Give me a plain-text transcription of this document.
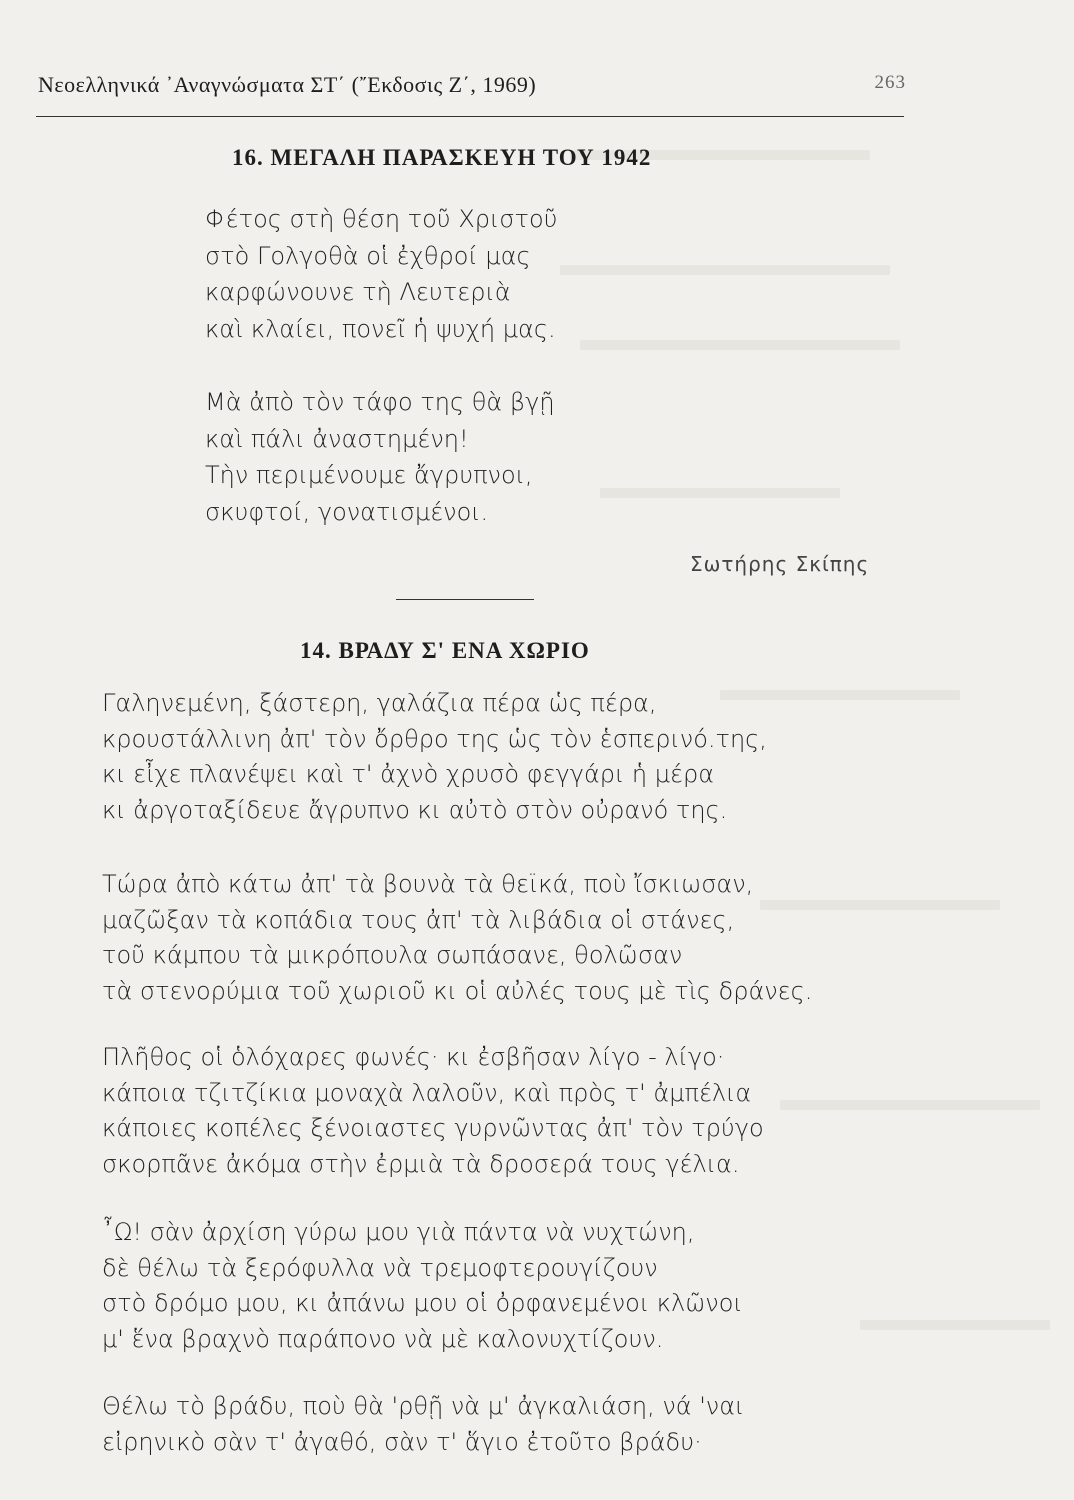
Νεοελληνικά ᾿Αναγνώσματα ΣΤ΄ (῎Εκδοσις Ζ΄, 1969)	263
16. ΜΕΓΑΛΗ ΠΑΡΑΣΚΕΥΗ ΤΟΥ 1942
Φέτος στὴ θέση τοῦ Χριστοῦ
στὸ Γολγοθὰ οἱ ἐχθροί μας
καρφώνουνε τὴ Λευτεριὰ
καὶ κλαίει, πονεῖ ἡ ψυχή μας.
Μὰ ἀπὸ τὸν τάφο της θὰ βγῇ
καὶ πάλι ἀναστημένη!
Τὴν περιμένουμε ἄγρυπνοι,
σκυφτοί, γονατισμένοι.
Σωτήρης Σκίπης
14. ΒΡΑΔΥ Σ' ΕΝΑ ΧΩΡΙΟ
Γαληνεμένη, ξάστερη, γαλάζια πέρα ὡς πέρα,
κρουστάλλινη ἀπ' τὸν ὄρθρο της ὡς τὸν ἑσπερινό.της,
κι εἶχε πλανέψει καὶ τ' ἀχνὸ χρυσὸ φεγγάρι ἡ μέρα
κι ἀργοταξίδευε ἄγρυπνο κι αὐτὸ στὸν οὐρανό της.
Τώρα ἀπὸ κάτω ἀπ' τὰ βουνὰ τὰ θεϊκά, ποὺ ἴσκιωσαν,
μαζῶξαν τὰ κοπάδια τους ἀπ' τὰ λιβάδια οἱ στάνες,
τοῦ κάμπου τὰ μικρόπουλα σωπάσανε, θολῶσαν
τὰ στενορύμια τοῦ χωριοῦ κι οἱ αὐλές τους μὲ τὶς δράνες.
Πλῆθος οἱ ὁλόχαρες φωνές· κι ἐσβῆσαν λίγο - λίγο·
κάποια τζιτζίκια μοναχὰ λαλοῦν, καὶ πρὸς τ' ἀμπέλια
κάποιες κοπέλες ξένοιαστες γυρνῶντας ἀπ' τὸν τρύγο
σκορπᾶνε ἀκόμα στὴν ἐρμιὰ τὰ δροσερά τους γέλια.
῏Ω! σὰν ἀρχίση γύρω μου γιὰ πάντα νὰ νυχτώνη,
δὲ θέλω τὰ ξερόφυλλα νὰ τρεμοφτερουγίζουν
στὸ δρόμο μου, κι ἀπάνω μου οἱ ὀρφανεμένοι κλῶνοι
μ' ἕνα βραχνὸ παράπονο νὰ μὲ καλονυχτίζουν.
Θέλω τὸ βράδυ, ποὺ θὰ 'ρθῇ νὰ μ' ἀγκαλιάση, νά 'ναι
εἰρηνικὸ σὰν τ' ἀγαθό, σὰν τ' ἅγιο ἐτοῦτο βράδυ·
